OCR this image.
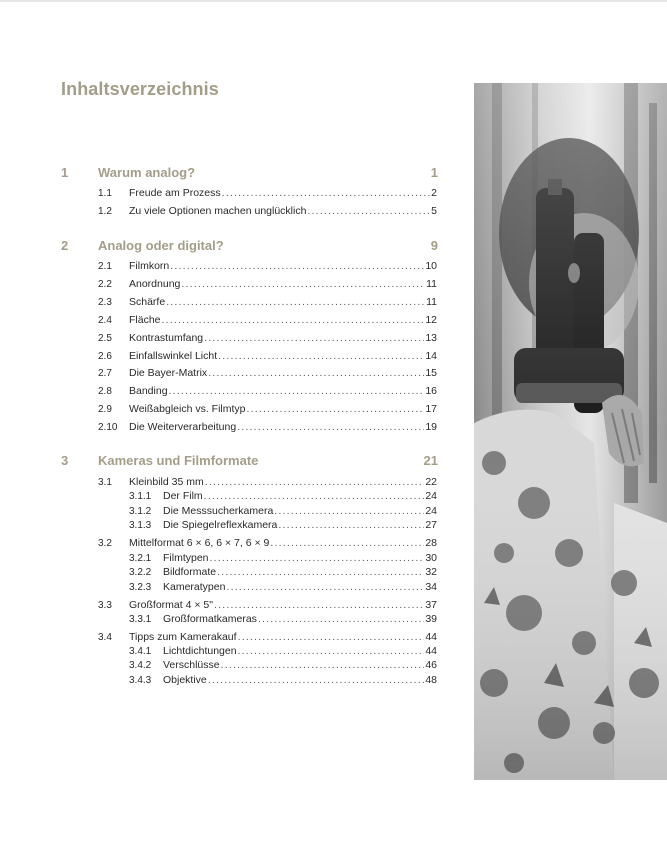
Inhaltsverzeichnis
1 Warum analog?	1
1.1 Freude am Prozess .....	2
1.2 Zu viele Optionen machen unglücklich .....	5
2 Analog oder digital?	9
2.1 Filmkorn .....	10
2.2 Anordnung .....	11
2.3 Schärfe .....	11
2.4 Fläche .....	12
2.5 Kontrastumfang .....	13
2.6 Einfallswinkel Licht .....	14
2.7 Die Bayer-Matrix .....	15
2.8 Banding .....	16
2.9 Weißabgleich vs. Filmtyp .....	17
2.10 Die Weiterverarbeitung .....	19
3 Kameras und Filmformate	21
3.1 Kleinbild 35 mm .....	22
3.1.1 Der Film .....	24
3.1.2 Die Messsucherkamera .....	24
3.1.3 Die Spiegelreflexkamera .....	27
3.2 Mittelformat 6 × 6, 6 × 7, 6 × 9 .....	28
3.2.1 Filmtypen .....	30
3.2.2 Bildformate .....	32
3.2.3 Kameratypen .....	34
3.3 Großformat 4 × 5" .....	37
3.3.1 Großformatkameras .....	39
3.4 Tipps zum Kamerakauf .....	44
3.4.1 Lichtdichtungen .....	44
3.4.2 Verschlüsse .....	46
3.4.3 Objektive .....	48
